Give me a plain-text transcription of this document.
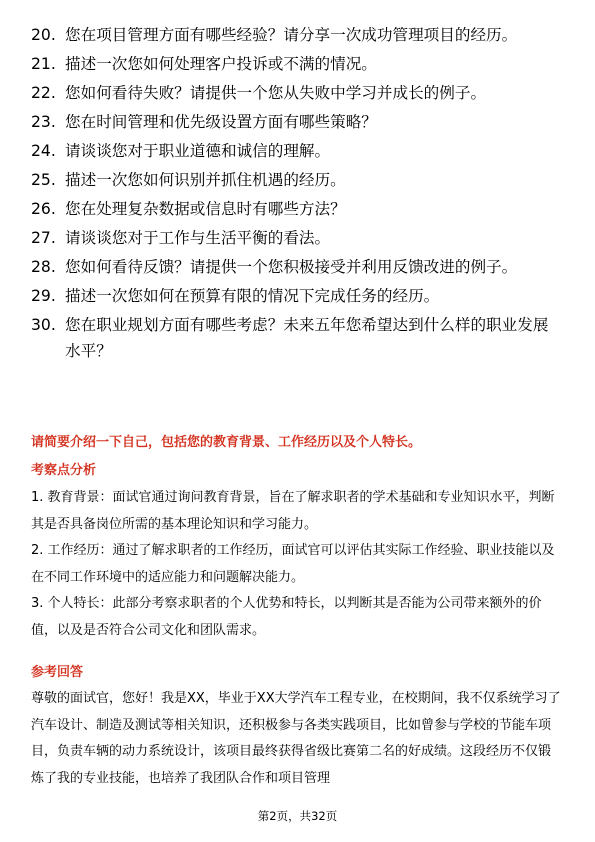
20. 您在项目管理方面有哪些经验？请分享一次成功管理项目的经历。
21. 描述一次您如何处理客户投诉或不满的情况。
22. 您如何看待失败？请提供一个您从失败中学习并成长的例子。
23. 您在时间管理和优先级设置方面有哪些策略？
24. 请谈谈您对于职业道德和诚信的理解。
25. 描述一次您如何识别并抓住机遇的经历。
26. 您在处理复杂数据或信息时有哪些方法？
27. 请谈谈您对于工作与生活平衡的看法。
28. 您如何看待反馈？请提供一个您积极接受并利用反馈改进的例子。
29. 描述一次您如何在预算有限的情况下完成任务的经历。
30. 您在职业规划方面有哪些考虑？未来五年您希望达到什么样的职业发展水平？
请简要介绍一下自己，包括您的教育背景、工作经历以及个人特长。
考察点分析
1. 教育背景：面试官通过询问教育背景，旨在了解求职者的学术基础和专业知识水平，判断其是否具备岗位所需的基本理论知识和学习能力。
2. 工作经历：通过了解求职者的工作经历，面试官可以评估其实际工作经验、职业技能以及在不同工作环境中的适应能力和问题解决能力。
3. 个人特长：此部分考察求职者的个人优势和特长，以判断其是否能为公司带来额外的价值，以及是否符合公司文化和团队需求。
参考回答
尊敬的面试官，您好！我是XX，毕业于XX大学汽车工程专业，在校期间，我不仅系统学习了汽车设计、制造及测试等相关知识，还积极参与各类实践项目，比如曾参与学校的节能车项目，负责车辆的动力系统设计，该项目最终获得省级比赛第二名的好成绩。这段经历不仅锻炼了我的专业技能，也培养了我团队合作和项目管理
第2页，共32页
